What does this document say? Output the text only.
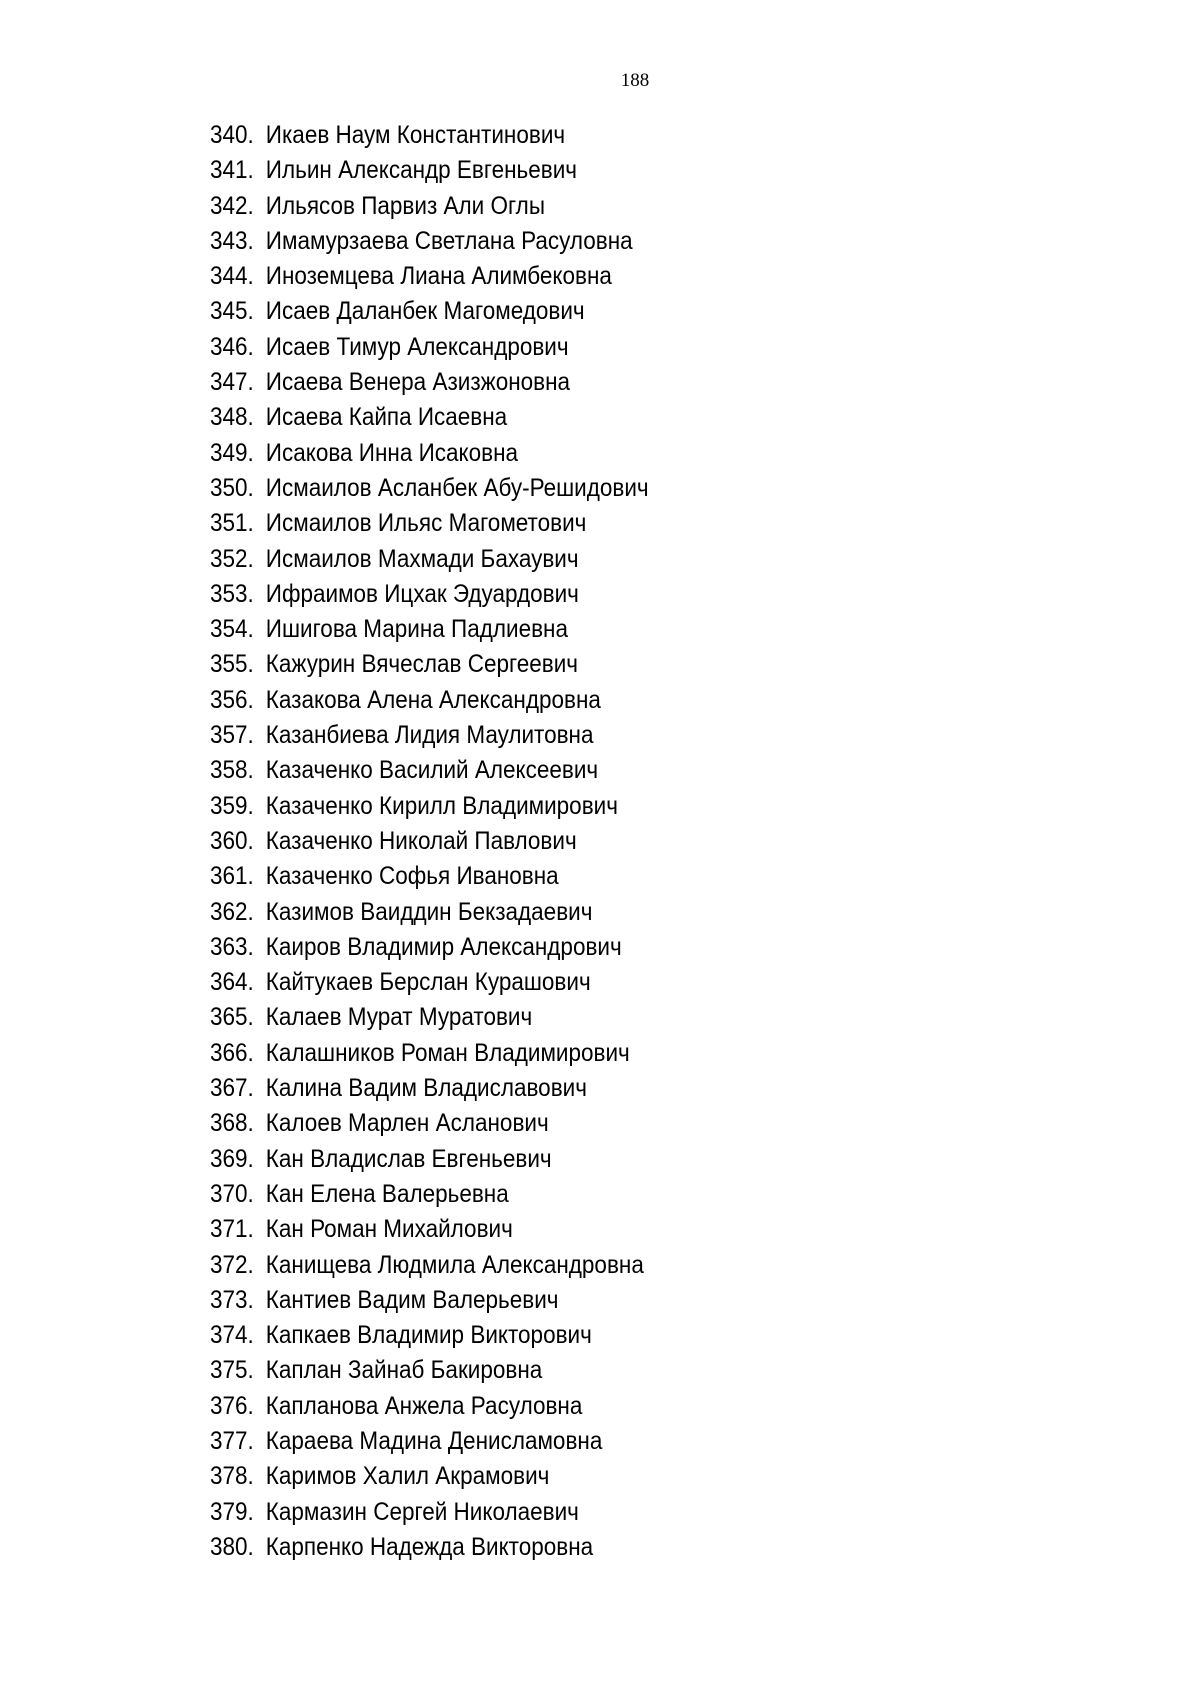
188
340. Икаев Наум Константинович
341. Ильин Александр Евгеньевич
342. Ильясов Парвиз Али Оглы
343. Имамурзаева Светлана Расуловна
344. Иноземцева Лиана Алимбековна
345. Исаев Даланбек Магомедович
346. Исаев Тимур Александрович
347. Исаева Венера Азизжоновна
348. Исаева Кайпа Исаевна
349. Исакова Инна Исаковна
350. Исмаилов Асланбек Абу-Решидович
351. Исмаилов Ильяс Магометович
352. Исмаилов Махмади Бахаувич
353. Ифраимов Ицхак Эдуардович
354. Ишигова Марина Падлиевна
355. Кажурин Вячеслав Сергеевич
356. Казакова Алена Александровна
357. Казанбиева Лидия Маулитовна
358. Казаченко Василий Алексеевич
359. Казаченко Кирилл Владимирович
360. Казаченко Николай Павлович
361. Казаченко Софья Ивановна
362. Казимов Ваиддин Бекзадаевич
363. Каиров Владимир Александрович
364. Кайтукаев Берслан Курашович
365. Калаев Мурат Муратович
366. Калашников Роман Владимирович
367. Калина Вадим Владиславович
368. Калоев Марлен Асланович
369. Кан Владислав Евгеньевич
370. Кан Елена Валерьевна
371. Кан Роман Михайлович
372. Канищева Людмила Александровна
373. Кантиев Вадим Валерьевич
374. Капкаев Владимир Викторович
375. Каплан Зайнаб Бакировна
376. Капланова Анжела Расуловна
377. Караева Мадина Денисламовна
378. Каримов Халил Акрамович
379. Кармазин Сергей Николаевич
380. Карпенко Надежда Викторовна
